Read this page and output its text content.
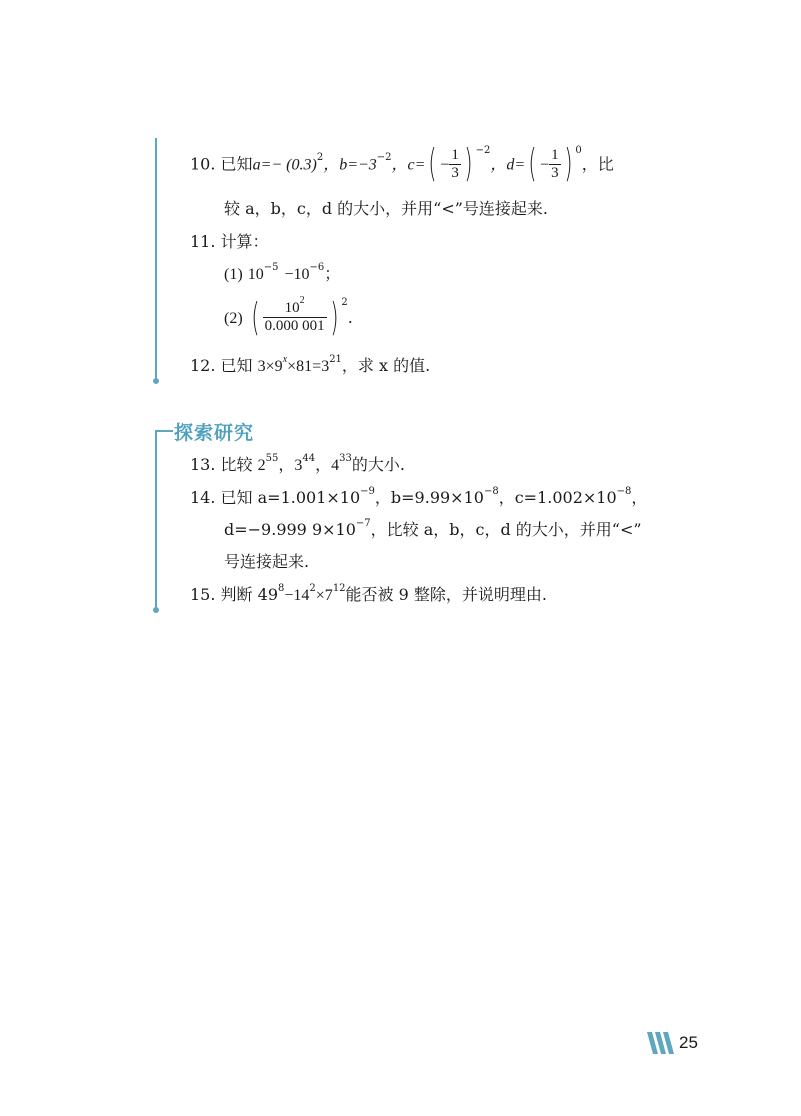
10. 已知$a=- (0.3)^2$，$b=-3^{-2}$，$c=( - \frac{1}{3}$ ) $^{-2}$，$d=( - \frac{1}{3}$ ) $^0$，比
较 a，b，c，d 的大小，并用“<”号连接起来.
11. 计算：
(1) $10^{-5} -10^{-6}$；
(2) ( $\frac{10^2}{0.000 001}$ ) $^2$.
12. 已知 $3\times 9^x\times 81=3^{21}$，求 x 的值.
探索研究
13. 比较 $2^{55}$，$3^{44}$，$4^{33}$的大小.
14. 已知 $a=1.001\times 10^{-9}$，$b=9.99\times 10^{-8}$，$c=1.002\times 10^{-8}$，
d=−9.999 $9\times 10^{-7}$，比较 a，b，c，d 的大小，并用“<”
号连接起来.
15. 判断 $49^8-14^2\times 7^{12}$能否被 9 整除，并说明理由.
25
